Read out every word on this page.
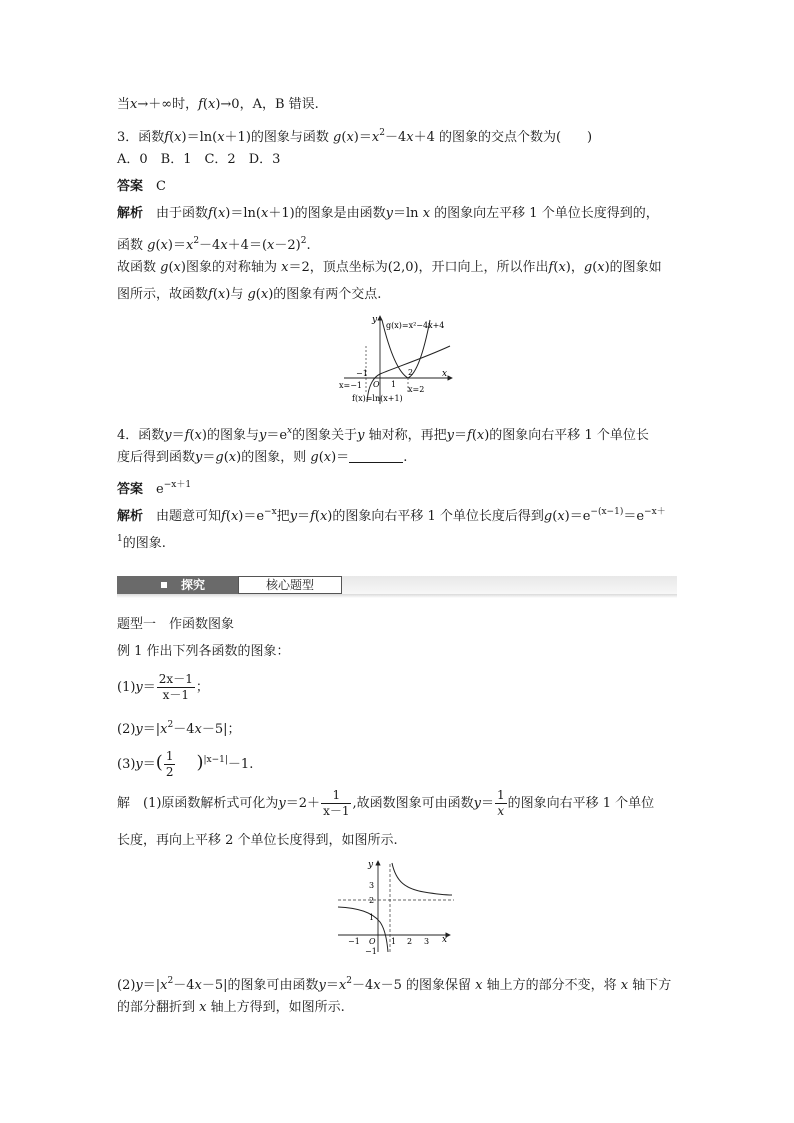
当x→＋∞时，f(x)→0，A，B 错误.
3．函数f(x)＝ln(x＋1)的图象与函数 $g(x)=x^2-4x+4$ 的图象的交点个数为(　　)
A．0　B．1　C．2　D．3
答案　 C
解析　 由于函数f(x)＝ln(x＋1)的图象是由函数y＝ln x 的图象向左平移 1 个单位长度得到的，
函数 $g(x)=x^2-4x+4=(x-2)^2$.
故函数 g(x)图象的对称轴为 x＝2，顶点坐标为(2,0)，开口向上，所以作出f(x)，g(x)的图象如
图所示，故函数f(x)与 g(x)的图象有两个交点.
y
x
g(x)=x²−4x+4
−1
O 1
2
x=−1	x=2
f(x)=ln(x+1)
4．函数y＝f(x)的图象与$y=e^x$的图象关于y 轴对称，再把y＝f(x)的图象向右平移 1 个单位长
度后得到函数y＝g(x)的图象，则 g(x)＝	.
答案　 $e^{-x+1}$
解析　 由题意可知$f(x)=e^{-x}$把y＝f(x)的图象向右平移 1 个单位长度后得到$g(x)=e^{-(x-1)}=e^{-x+}$
$^1$的图象.
探究	核心题型
题型一　作函数图象
例 1 作出下列各函数的图象：
$(1)y= \frac{2x-1}{x-1}$ ；
$(2)y=|x^2-4x-5|$；
$(3)y=( \frac{1}{2} )^{|x-1|}-1$.
解　(1)原函数解析式可化为$y=2+ \frac{1}{x-1}$ ,故函数图象可由函数$y= \frac{1}{x}$ 的图象向右平移 1 个单位
长度，再向上平移 2 个单位长度得到，如图所示.
y
x
3
2
1
−1 O 1 2 3
−1
$(2)y=|x^2-4x-5|$的图象可由函数$y=x^2-4x-5$ 的图象保留 x 轴上方的部分不变，将 x 轴下方
的部分翻折到 x 轴上方得到，如图所示.
